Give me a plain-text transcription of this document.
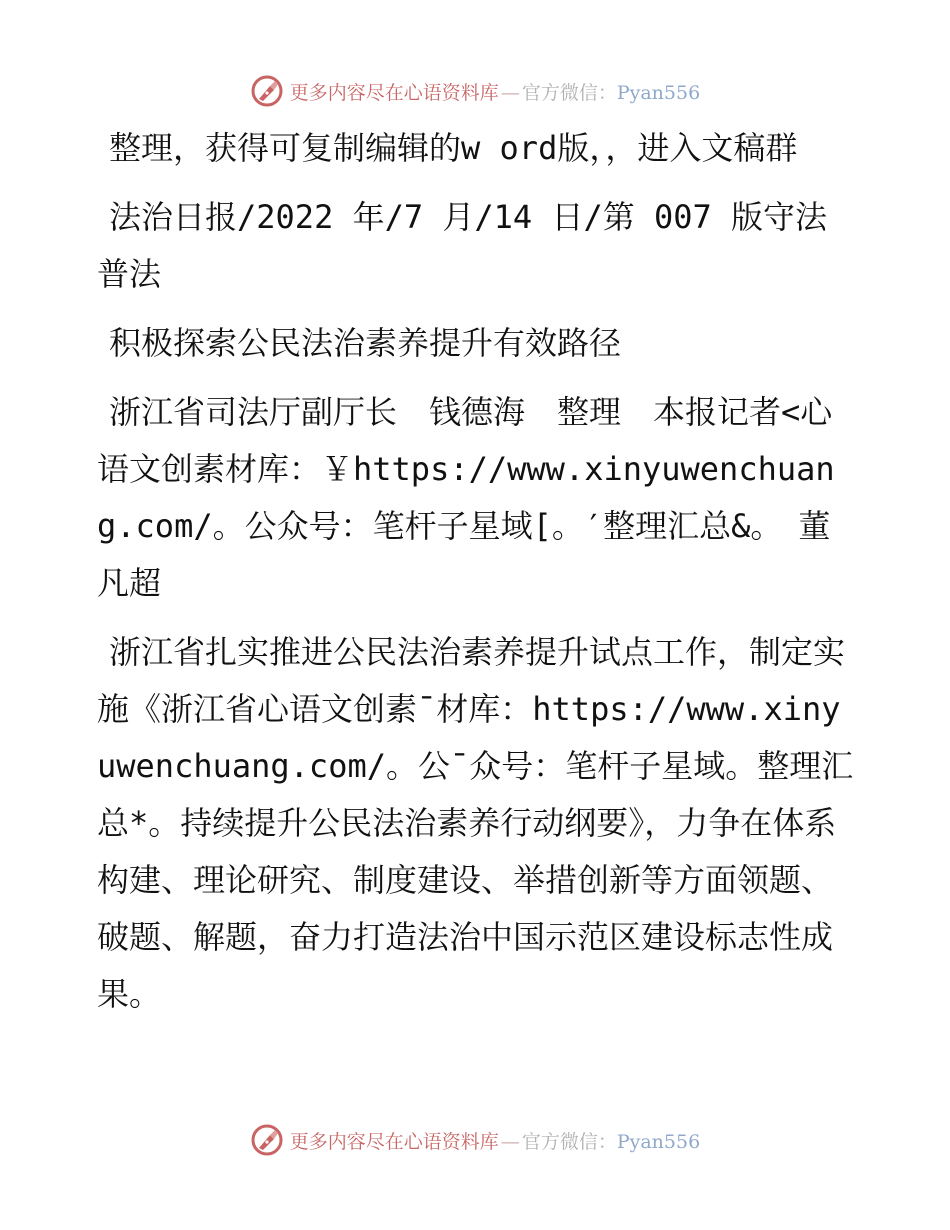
更多内容尽在心语资料库 — 官方微信：Pyan556

整理，获得可复制编辑的w ord版，，进入文稿群

法治日报/2022 年/7 月/14 日/第 007 版守法普法

积极探索公民法治素养提升有效路径

浙江省司法厅副厅长　钱德海　整理　本报记者<心语文创素材库：￥https://www.xinyuwenchuang.com/。公众号：笔杆子星域[。′整理汇总&。　董凡超

浙江省扎实推进公民法治素养提升试点工作，制定实施《浙江省心语文创素¯材库：https://www.xinyuwenchuang.com/。公¯众号：笔杆子星域。整理汇总*。持续提升公民法治素养行动纲要》，力争在体系构建、理论研究、制度建设、举措创新等方面领题、破题、解题，奋力打造法治中国示范区建设标志性成果。

更多内容尽在心语资料库 — 官方微信：Pyan556
